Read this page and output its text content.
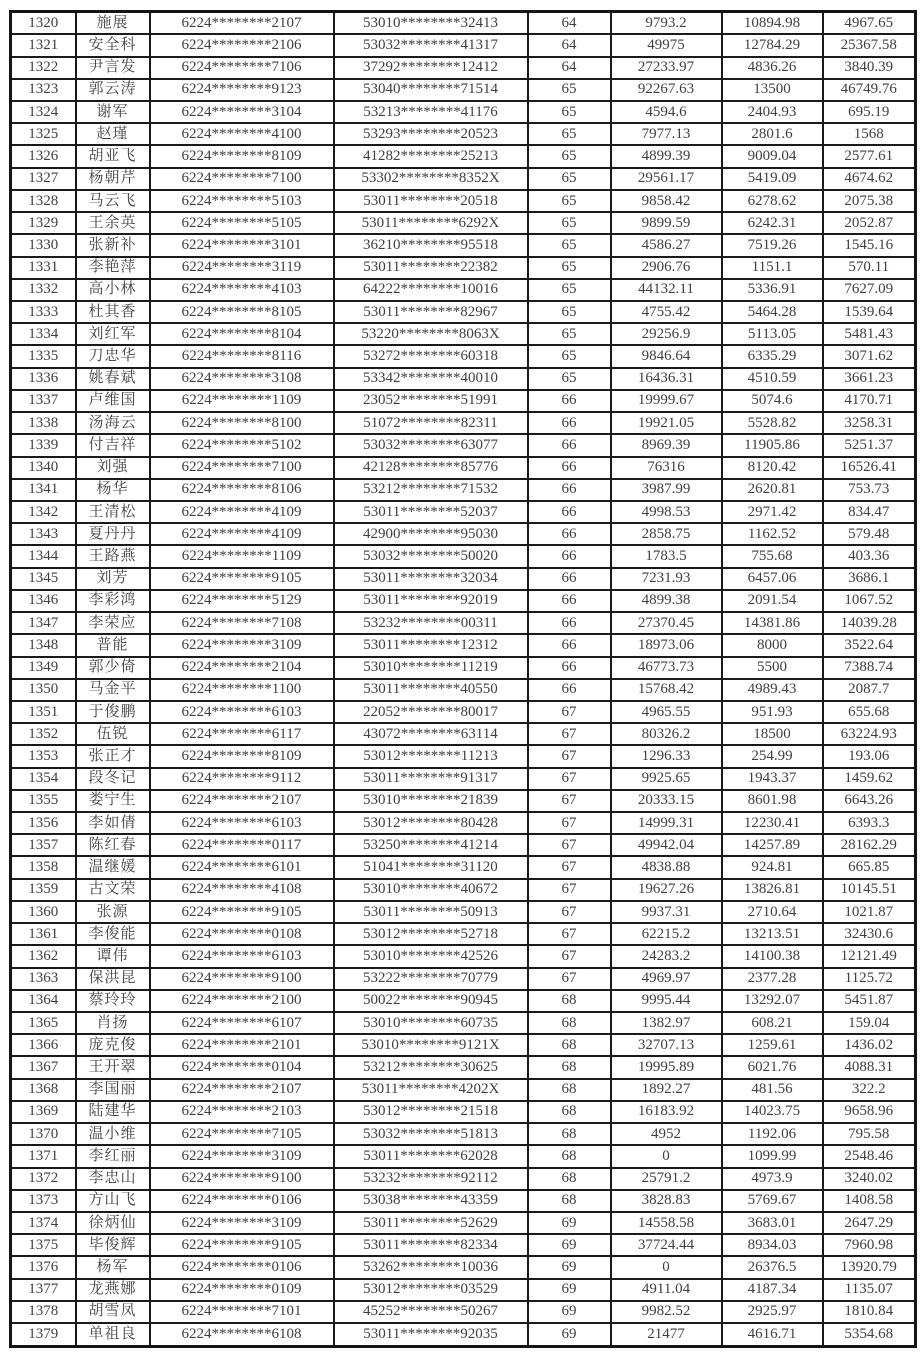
1320	施展	6224********2107	53010********32413	64	9793.2	10894.98	4967.65
1321	安全科	6224********2106	53032********41317	64	49975	12784.29	25367.58
1322	尹言发	6224********7106	37292********12412	64	27233.97	4836.26	3840.39
1323	郭云涛	6224********9123	53040********71514	65	92267.63	13500	46749.76
1324	谢军	6224********3104	53213********41176	65	4594.6	2404.93	695.19
1325	赵瑾	6224********4100	53293********20523	65	7977.13	2801.6	1568
1326	胡亚飞	6224********8109	41282********25213	65	4899.39	9009.04	2577.61
1327	杨朝芹	6224********7100	53302********8352X	65	29561.17	5419.09	4674.62
1328	马云飞	6224********5103	53011********20518	65	9858.42	6278.62	2075.38
1329	王余英	6224********5105	53011********6292X	65	9899.59	6242.31	2052.87
1330	张新补	6224********3101	36210********95518	65	4586.27	7519.26	1545.16
1331	李艳萍	6224********3119	53011********22382	65	2906.76	1151.1	570.11
1332	高小林	6224********4103	64222********10016	65	44132.11	5336.91	7627.09
1333	杜其香	6224********8105	53011********82967	65	4755.42	5464.28	1539.64
1334	刘红军	6224********8104	53220********8063X	65	29256.9	5113.05	5481.43
1335	刀忠华	6224********8116	53272********60318	65	9846.64	6335.29	3071.62
1336	姚春斌	6224********3108	53342********40010	65	16436.31	4510.59	3661.23
1337	卢维国	6224********1109	23052********51991	66	19999.67	5074.6	4170.71
1338	汤海云	6224********8100	51072********82311	66	19921.05	5528.82	3258.31
1339	付吉祥	6224********5102	53032********63077	66	8969.39	11905.86	5251.37
1340	刘强	6224********7100	42128********85776	66	76316	8120.42	16526.41
1341	杨华	6224********8106	53212********71532	66	3987.99	2620.81	753.73
1342	王清松	6224********4109	53011********52037	66	4998.53	2971.42	834.47
1343	夏丹丹	6224********4109	42900********95030	66	2858.75	1162.52	579.48
1344	王路燕	6224********1109	53032********50020	66	1783.5	755.68	403.36
1345	刘芳	6224********9105	53011********32034	66	7231.93	6457.06	3686.1
1346	李彩鸿	6224********5129	53011********92019	66	4899.38	2091.54	1067.52
1347	李荣应	6224********7108	53232********00311	66	27370.45	14381.86	14039.28
1348	普能	6224********3109	53011********12312	66	18973.06	8000	3522.64
1349	郭少倚	6224********2104	53010********11219	66	46773.73	5500	7388.74
1350	马金平	6224********1100	53011********40550	66	15768.42	4989.43	2087.7
1351	于俊鹏	6224********6103	22052********80017	67	4965.55	951.93	655.68
1352	伍锐	6224********6117	43072********63114	67	80326.2	18500	63224.93
1353	张正才	6224********8109	53012********11213	67	1296.33	254.99	193.06
1354	段冬记	6224********9112	53011********91317	67	9925.65	1943.37	1459.62
1355	娄宁生	6224********2107	53010********21839	67	20333.15	8601.98	6643.26
1356	李如倩	6224********6103	53012********80428	67	14999.31	12230.41	6393.3
1357	陈红春	6224********0117	53250********41214	67	49942.04	14257.89	28162.29
1358	温继媛	6224********6101	51041********31120	67	4838.88	924.81	665.85
1359	古文荣	6224********4108	53010********40672	67	19627.26	13826.81	10145.51
1360	张源	6224********9105	53011********50913	67	9937.31	2710.64	1021.87
1361	李俊能	6224********0108	53012********52718	67	62215.2	13213.51	32430.6
1362	谭伟	6224********6103	53010********42526	67	24283.2	14100.38	12121.49
1363	保洪昆	6224********9100	53222********70779	67	4969.97	2377.28	1125.72
1364	蔡玲玲	6224********2100	50022********90945	68	9995.44	13292.07	5451.87
1365	肖扬	6224********6107	53010********60735	68	1382.97	608.21	159.04
1366	庞克俊	6224********2101	53010********9121X	68	32707.13	1259.61	1436.02
1367	王开翠	6224********0104	53212********30625	68	19995.89	6021.76	4088.31
1368	李国丽	6224********2107	53011********4202X	68	1892.27	481.56	322.2
1369	陆建华	6224********2103	53012********21518	68	16183.92	14023.75	9658.96
1370	温小维	6224********7105	53032********51813	68	4952	1192.06	795.58
1371	李红丽	6224********3109	53011********62028	68	0	1099.99	2548.46
1372	李忠山	6224********9100	53232********92112	68	25791.2	4973.9	3240.02
1373	方山飞	6224********0106	53038********43359	68	3828.83	5769.67	1408.58
1374	徐炳仙	6224********3109	53011********52629	69	14558.58	3683.01	2647.29
1375	毕俊辉	6224********9105	53011********82334	69	37724.44	8934.03	7960.98
1376	杨军	6224********0106	53262********10036	69	0	26376.5	13920.79
1377	龙燕娜	6224********0109	53012********03529	69	4911.04	4187.34	1135.07
1378	胡雪凤	6224********7101	45252********50267	69	9982.52	2925.97	1810.84
1379	单祖良	6224********6108	53011********92035	69	21477	4616.71	5354.68
